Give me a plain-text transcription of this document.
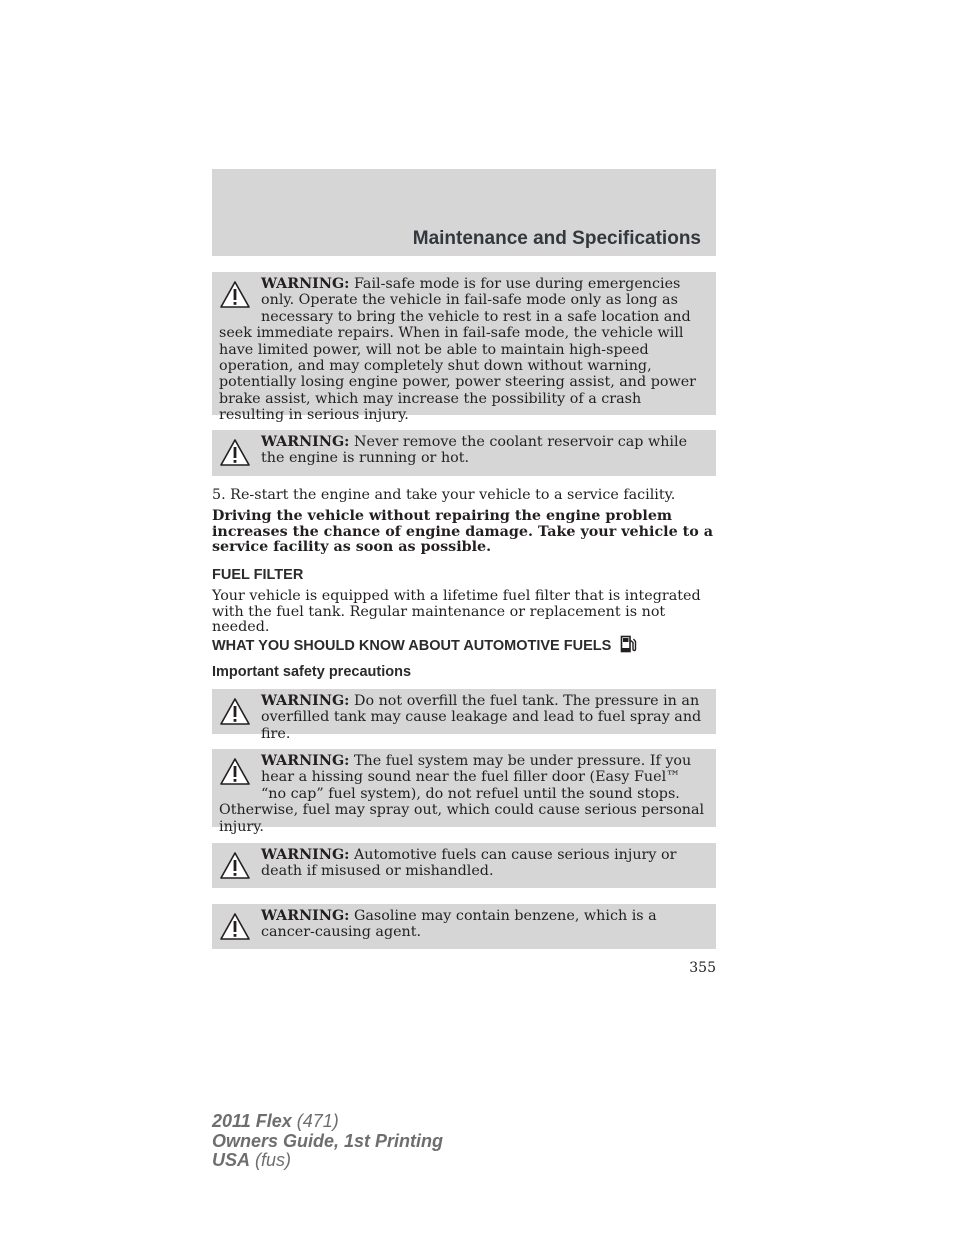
Maintenance and Specifications
WARNING: Fail-safe mode is for use during emergencies only. Operate the vehicle in fail-safe mode only as long as necessary to bring the vehicle to rest in a safe location and seek immediate repairs. When in fail-safe mode, the vehicle will have limited power, will not be able to maintain high-speed operation, and may completely shut down without warning, potentially losing engine power, power steering assist, and power brake assist, which may increase the possibility of a crash resulting in serious injury.
WARNING: Never remove the coolant reservoir cap while the engine is running or hot.
5. Re-start the engine and take your vehicle to a service facility.
Driving the vehicle without repairing the engine problem increases the chance of engine damage. Take your vehicle to a service facility as soon as possible.
FUEL FILTER
Your vehicle is equipped with a lifetime fuel filter that is integrated with the fuel tank. Regular maintenance or replacement is not needed.
WHAT YOU SHOULD KNOW ABOUT AUTOMOTIVE FUELS
Important safety precautions
WARNING: Do not overfill the fuel tank. The pressure in an overfilled tank may cause leakage and lead to fuel spray and fire.
WARNING: The fuel system may be under pressure. If you hear a hissing sound near the fuel filler door (Easy Fuel™ “no cap” fuel system), do not refuel until the sound stops. Otherwise, fuel may spray out, which could cause serious personal injury.
WARNING: Automotive fuels can cause serious injury or death if misused or mishandled.
WARNING: Gasoline may contain benzene, which is a cancer-causing agent.
355
2011 Flex (471)
Owners Guide, 1st Printing
USA (fus)
